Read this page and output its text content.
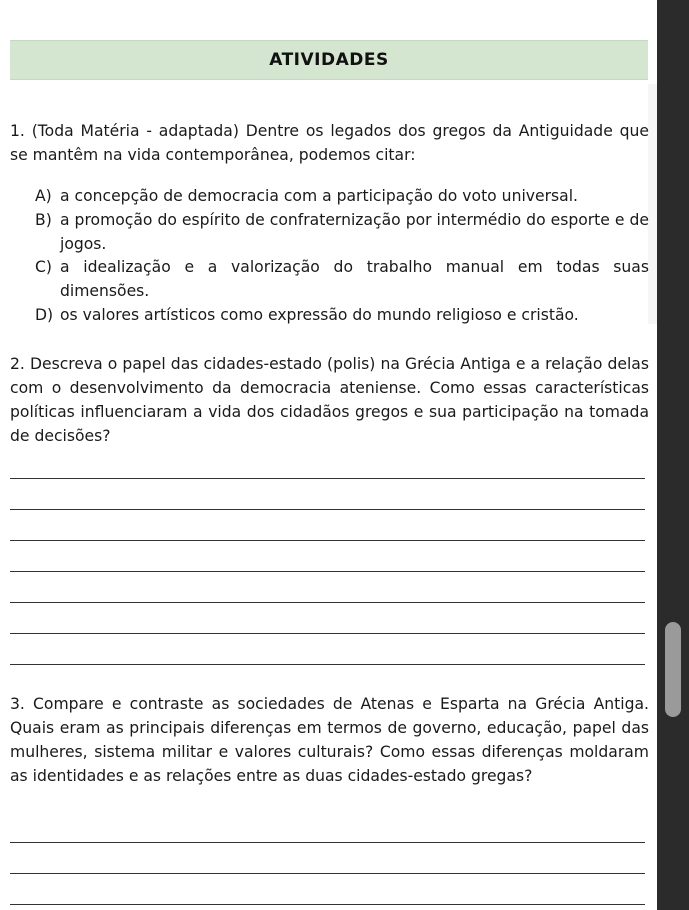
ATIVIDADES

1. (Toda Matéria - adaptada) Dentre os legados dos gregos da Antiguidade que se mantêm na vida contemporânea, podemos citar:

A) a concepção de democracia com a participação do voto universal.
B) a promoção do espírito de confraternização por intermédio do esporte e de jogos.
C) a idealização e a valorização do trabalho manual em todas suas dimensões.
D) os valores artísticos como expressão do mundo religioso e cristão.

2. Descreva o papel das cidades-estado (polis) na Grécia Antiga e a relação delas com o desenvolvimento da democracia ateniense. Como essas características políticas influenciaram a vida dos cidadãos gregos e sua participação na tomada de decisões?

3. Compare e contraste as sociedades de Atenas e Esparta na Grécia Antiga. Quais eram as principais diferenças em termos de governo, educação, papel das mulheres, sistema militar e valores culturais? Como essas diferenças moldaram as identidades e as relações entre as duas cidades-estado gregas?
